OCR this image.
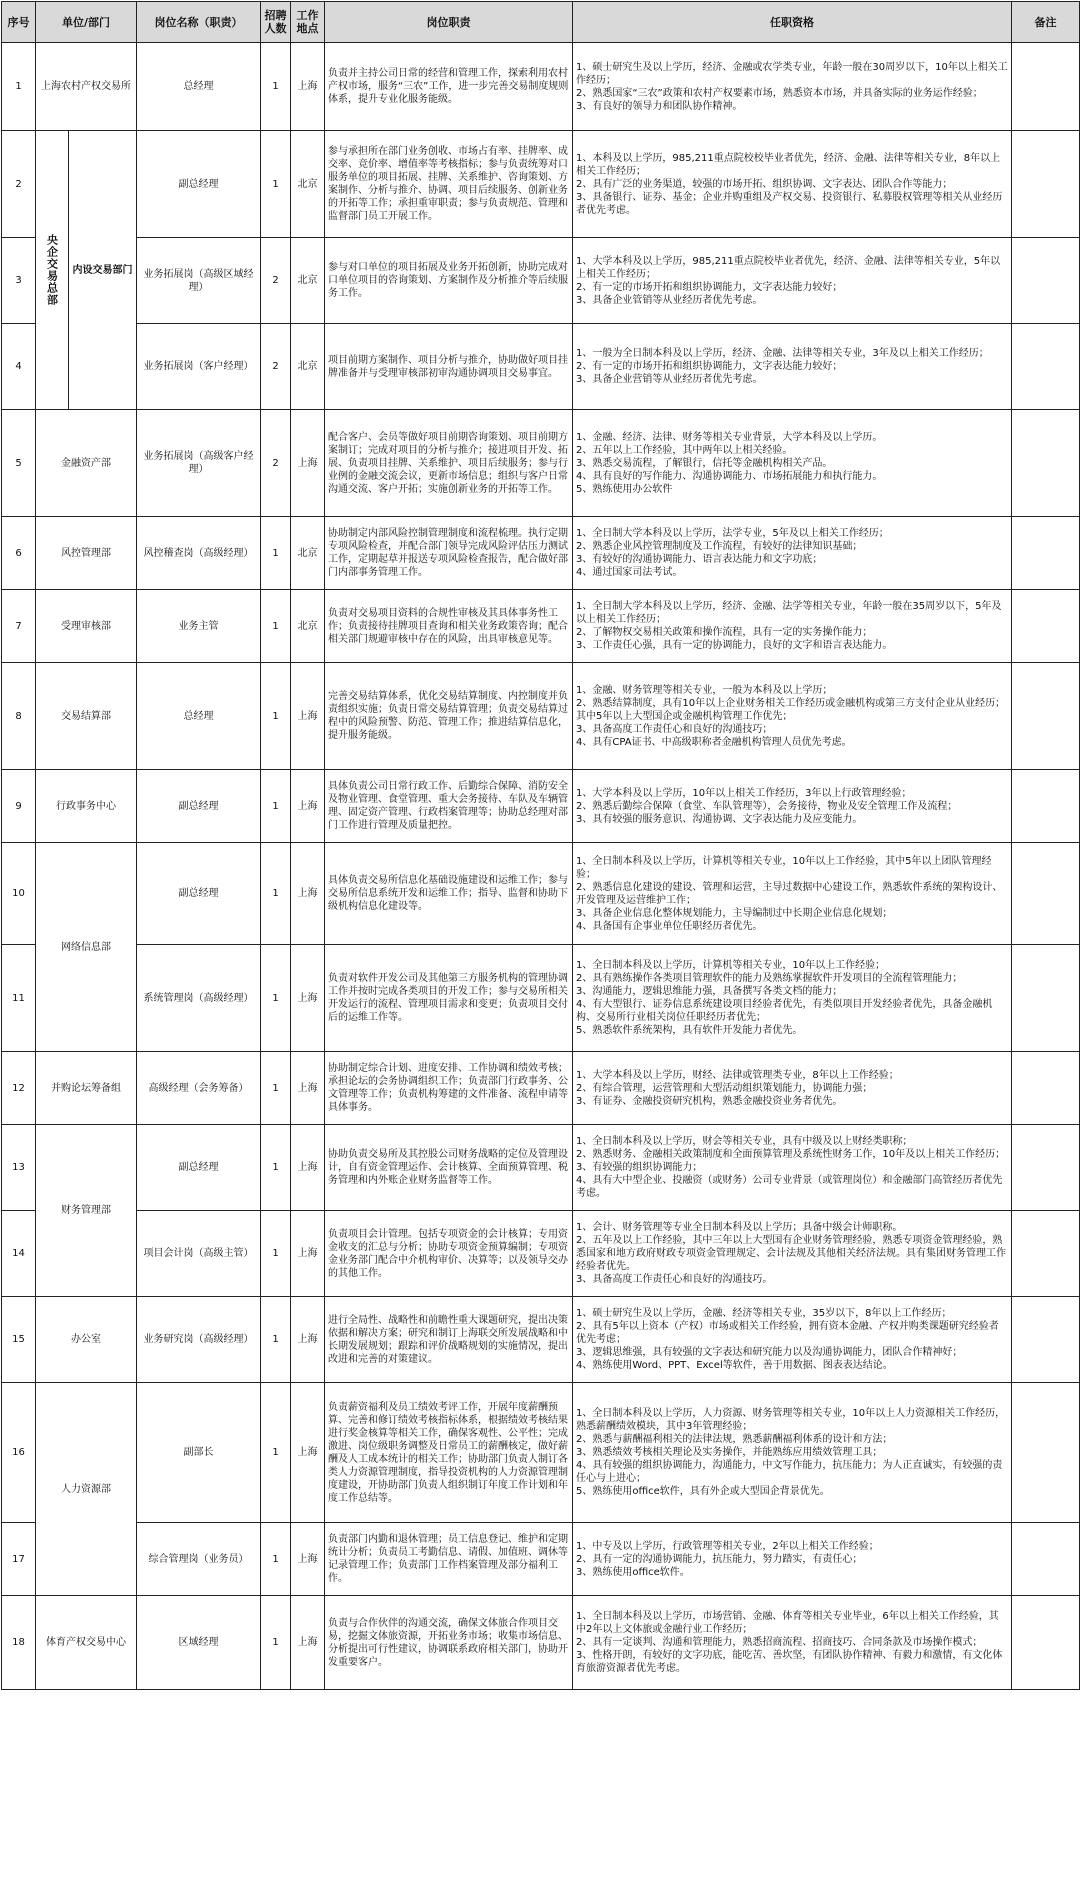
序号	单位/部门		岗位名称（职责）	招聘人数	工作地点	岗位职责	任职资格	备注
1	上海农村产权交易所		总经理	1	上海	负责并主持公司日常的经营和管理工作，探索利用农村产权市场，服务“三农”工作，进一步完善交易制度规则体系，提升专业化服务能级。	1、硕士研究生及以上学历，经济、金融或农学类专业，年龄一般在30周岁以下，10年以上相关工作经历；
2、熟悉国家“三农”政策和农村产权要素市场，熟悉资本市场，并具备实际的业务运作经验；
3、有良好的领导力和团队协作精神。	

2	央企交易总部	内设交易部门	副总经理	1	北京	参与承担所在部门业务创收、市场占有率、挂牌率、成交率、竞价率、增值率等考核指标；参与负责统筹对口服务单位的项目拓展、挂牌、关系维护、咨询策划、方案制作、分析与推介、协调、项目后续服务、创新业务的开拓等工作；承担重审职责；参与负责规范、管理和监督部门员工开展工作。	1、本科及以上学历，985,211重点院校校毕业者优先，经济、金融、法律等相关专业，8年以上相关工作经历；
2、具有广泛的业务渠道，较强的市场开拓、组织协调、文字表达、团队合作等能力；
3、具备银行、证券、基金；企业并购重组及产权交易、投资银行、私募股权管理等相关从业经历者优先考虑。	

3			业务拓展岗（高级区域经理）	2	北京	参与对口单位的项目拓展及业务开拓创新，协助完成对口单位项目的咨询策划、方案制作及分析推介等后续服务工作。	1、大学本科及以上学历，985,211重点院校毕业者优先，经济、金融、法律等相关专业，5年以上相关工作经历；
2、有一定的市场开拓和组织协调能力，文字表达能力较好；
3、具备企业管销等从业经历者优先考虑。	

4			业务拓展岗（客户经理）	2	北京	项目前期方案制作、项目分析与推介，协助做好项目挂牌准备并与受理审核部初审沟通协调项目交易事宜。	1、一般为全日制本科及以上学历，经济、金融、法律等相关专业，3年及以上相关工作经历；
2、有一定的市场开拓和组织协调能力，文字表达能力较好；
3、具备企业营销等从业经历者优先考虑。	

5	金融资产部		业务拓展岗（高级客户经理）	2	上海	配合客户、会员等做好项目前期咨询策划、项目前期方案制订；完成对项目的分析与推介；接进项目开发、拓展、负责项目挂牌、关系维护、项目后续服务；参与行业例的金融交流会议，更新市场信息；组织与客户日常沟通交流、客户开拓；实施创新业务的开拓等工作。	1、金融、经济、法律、财务等相关专业背景，大学本科及以上学历。
2、五年以上工作经验，其中两年以上相关经验。
3、熟悉交易流程，了解银行，信托等金融机构相关产品。
4、具有良好的写作能力、沟通协调能力、市场拓展能力和执行能力。
5、熟练使用办公软件	

6	风控管理部		风控稽查岗（高级经理）	1	北京	协助制定内部风险控制管理制度和流程梳理。执行定期专项风险检查，并配合部门领导完成风险评估压力测试工作，定期起草并报送专项风险检查报告，配合做好部门内部事务管理工作。	1、全日制大学本科及以上学历，法学专业，5年及以上相关工作经历；
2、熟悉企业风控管理制度及工作流程，有较好的法律知识基础；
3、有较好的沟通协调能力、语言表达能力和文字功底；
4、通过国家司法考试。	

7	受理审核部		业务主管	1	北京	负责对交易项目资料的合规性审核及其具体事务性工作；负责接待挂牌项目查询和相关业务政策咨询；配合相关部门规避审核中存在的风险，出具审核意见等。	1、全日制大学本科及以上学历，经济、金融、法学等相关专业，年龄一般在35周岁以下，5年及以上相关工作经历；
2、了解物权交易相关政策和操作流程，具有一定的实务操作能力；
3、工作责任心强，具有一定的协调能力，良好的文字和语言表达能力。	

8	交易结算部		总经理	1	上海	完善交易结算体系，优化交易结算制度、内控制度并负责组织实施；负责日常交易结算管理；负责交易结算过程中的风险预警、防范、管理工作；推进结算信息化，提升服务能级。	1、金融、财务管理等相关专业，一般为本科及以上学历；
2、熟悉结算制度，具有10年以上企业财务相关工作经历或金融机构或第三方支付企业从业经历；其中5年以上大型国企或金融机构管理工作优先；
3、具备高度工作责任心和良好的沟通技巧；
4、具有CPA证书、中高级职称者金融机构管理人员优先考虑。	

9	行政事务中心		副总经理	1	上海	具体负责公司日常行政工作、后勤综合保障、消防安全及物业管理、食堂管理、重大会务接待、车队及车辆管理、固定资产管理、行政档案管理等；协助总经理对部门工作进行管理及质量把控。	1、大学本科及以上学历，10年以上相关工作经历，3年以上行政管理经验；
2、熟悉后勤综合保障（食堂、车队管理等），会务接待，物业及安全管理工作及流程；
3、具有较强的服务意识、沟通协调、文字表达能力及应变能力。	

10	网络信息部		副总经理	1	上海	具体负责交易所信息化基础设施建设和运维工作；参与交易所信息系统开发和运维工作；指导、监督和协助下级机构信息化建设等。	1、全日制本科及以上学历，计算机等相关专业，10年以上工作经验，其中5年以上团队管理经验；
2、熟悉信息化建设的建设、管理和运营，主导过数据中心建设工作，熟悉软件系统的架构设计、开发管理及运营维护工作；
3、具备企业信息化整体规划能力，主导编制过中长期企业信息化规划；
4、具备国有企事业单位任职经历者优先。	

11			系统管理岗（高级经理）	1	上海	负责对软件开发公司及其他第三方服务机构的管理协调工作并按时完成各类项目的开发工作；参与交易所相关开发运行的流程、管理项目需求和变更；负责项目交付后的运维工作等。	1、全日制本科及以上学历，计算机等相关专业，10年以上工作经验；
2、具有熟练操作各类项目管理软件的能力及熟练掌握软件开发项目的全流程管理能力；
3、沟通能力，逻辑思维能力强，具备撰写各类文档的能力；
4、有大型银行、证券信息系统建设项目经验者优先，有类似项目开发经验者优先，具备金融机构、交易所行业相关岗位任职经历者优先；
5、熟悉软件系统架构，具有软件开发能力者优先。	

12	并购论坛筹备组		高级经理（会务筹备）	1	上海	协助制定综合计划、进度安排、工作协调和绩效考核；承担论坛的会务协调组织工作；负责部门行政事务、公文管理等工作；负责机构筹建的文件准备、流程申请等具体事务。	1、大学本科及以上学历，财经、法律或管理类专业，8年以上工作经验；
2、有综合管理，运营管理和大型活动组织策划能力，协调能力强；
3、有证券、金融投资研究机构，熟悉金融投资业务者优先。	

13	财务管理部		副总经理	1	上海	协助负责交易所及其控股公司财务战略的定位及管理设计，自有资金管理运作、会计核算、全面预算管理、税务管理和内外账企业财务监督等工作。	1、全日制本科及以上学历，财会等相关专业，具有中级及以上财经类职称；
2、熟悉财务、金融相关政策制度和全面预算管理及系统性财务工作，10年及以上相关工作经历；
3、有较强的组织协调能力；
4、具有大中型企业、投融资（或财务）公司专业背景（或管理岗位）和金融部门高管经历者优先考虑。	

14			项目会计岗（高级主管）	1	上海	负责项目会计管理。包括专项资金的会计核算；专用资金收支的汇总与分析；协助专项资金预算编制；专项资金业务部门配合中介机构审价、决算等；以及领导交办的其他工作。	1、会计、财务管理等专业全日制本科及以上学历；具备中级会计师职称。
2、五年及以上工作经验，其中三年以上大型国有企业财务管理经验，熟悉专项资金管理经验，熟悉国家和地方政府财政专项资金管理规定、会计法规及其他相关经济法规。具有集团财务管理工作经验者优先。
3、具备高度工作责任心和良好的沟通技巧。	

15	办公室		业务研究岗（高级经理）	1	上海	进行全局性、战略性和前瞻性重大课题研究，提出决策依据和解决方案；研究和制订上海联交所发展战略和中长期发展规划；跟踪和评价战略规划的实施情况，提出改进和完善的对策建议。	1、硕士研究生及以上学历，金融、经济等相关专业，35岁以下，8年以上工作经历；
2、具有5年以上资本（产权）市场或相关工作经验，拥有资本金融、产权并购类课题研究经验者优先考虑；
3、逻辑思维强，具有较强的文字表达和研究能力以及沟通协调能力，团队合作精神好；
4、熟练使用Word、PPT、Excel等软件，善于用数据、图表表达结论。	

16	人力资源部		副部长	1	上海	负责薪资福利及员工绩效考评工作，开展年度薪酬预算、完善和修订绩效考核指标体系，根据绩效考核结果进行奖金核算等相关工作，确保客观性、公平性；完成激进、岗位级职务调整及日常员工的薪酬核定，做好薪酬及人工成本统计的相关工作；协助部门负责人制订各类人力资源管理制度，指导投资机构的人力资源管理制度建设，开协助部门负责人组织制订年度工作计划和年度工作总结等。	1、全日制本科及以上学历，人力资源、财务管理等相关专业，10年以上人力资源相关工作经历，熟悉薪酬绩效模块，其中3年管理经验；
2、熟悉与薪酬福利相关的法律法规，熟悉薪酬福利体系的设计和方法；
3、熟悉绩效考核相关理论及实务操作，并能熟练应用绩效管理工具；
4、具有较强的组织协调能力，沟通能力，中文写作能力，抗压能力；为人正直诚实，有较强的责任心与上进心；
5、熟练使用office软件，具有外企或大型国企背景优先。	

17			综合管理岗（业务员）	1	上海	负责部门内勤和退休管理；员工信息登记、维护和定期统计分析；负责员工考勤信息、请假、加值班、调休等记录管理工作；负责部门工作档案管理及部分福利工作。	1、中专及以上学历，行政管理等相关专业，2年以上相关工作经验；
2、具有一定的沟通协调能力，抗压能力，努力踏实，有责任心；
3、熟练使用office软件。	

18	体育产权交易中心		区域经理	1	上海	负责与合作伙伴的沟通交流，确保文体旅合作项目交易，挖掘文体旅资源，开拓业务市场；收集市场信息、分析提出可行性建议，协调联系政府相关部门，协助开发重要客户。	1、全日制本科及以上学历，市场营销、金融、体育等相关专业毕业，6年以上相关工作经验，其中2年以上文体旅或金融行业工作经历；
2、具有一定谈判、沟通和管理能力，熟悉招商流程、招商技巧、合同条款及市场操作模式；
3、性格开朗，有较好的文字功底，能吃苦、善坎坚，有团队协作精神、有毅力和激情，有文化体育旅游资源者优先考虑。	
